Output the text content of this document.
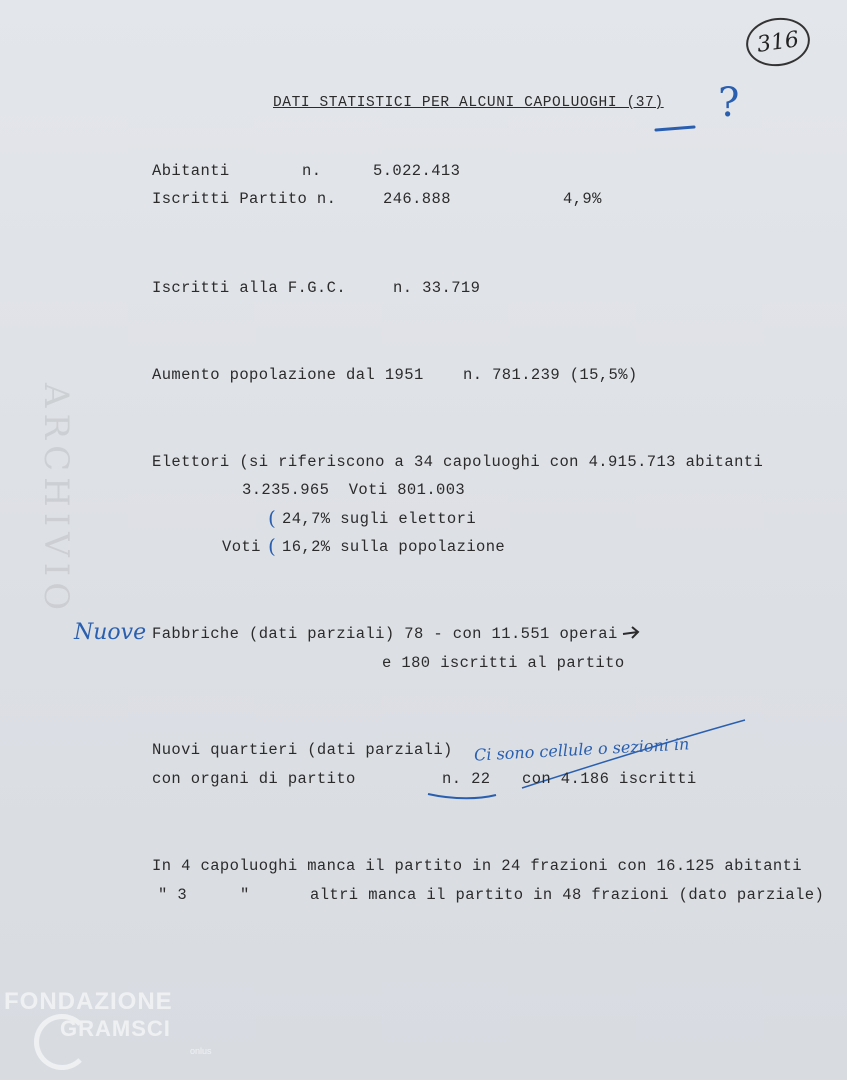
ARCHIVIO
316
DATI STATISTICI PER ALCUNI CAPOLUOGHI (37) ?
Abitanti	n.	5.022.413
Iscritti Partito n.	246.888	4,9%
Iscritti alla F.G.C.	n. 33.719
Aumento popolazione dal 1951	n. 781.239 (15,5%)
Elettori (si riferiscono a 34 capoluoghi con 4.915.713 abitanti
3.235.965  Voti 801.003
( 24,7% sugli elettori
Voti ( 16,2% sulla popolazione
Nuove Fabbriche (dati parziali) 78 - con 11.551 operai
e 180 iscritti al partito
Nuovi quartieri (dati parziali) Ci sono cellule o sezioni in
con organi di partito	n. 22 con 4.186 iscritti
In 4 capoluoghi manca il partito in 24 frazioni con 16.125 abitanti
" 3	"	altri manca il partito in 48 frazioni (dato parziale)
FONDAZIONE
GRAMSCI
onlus
